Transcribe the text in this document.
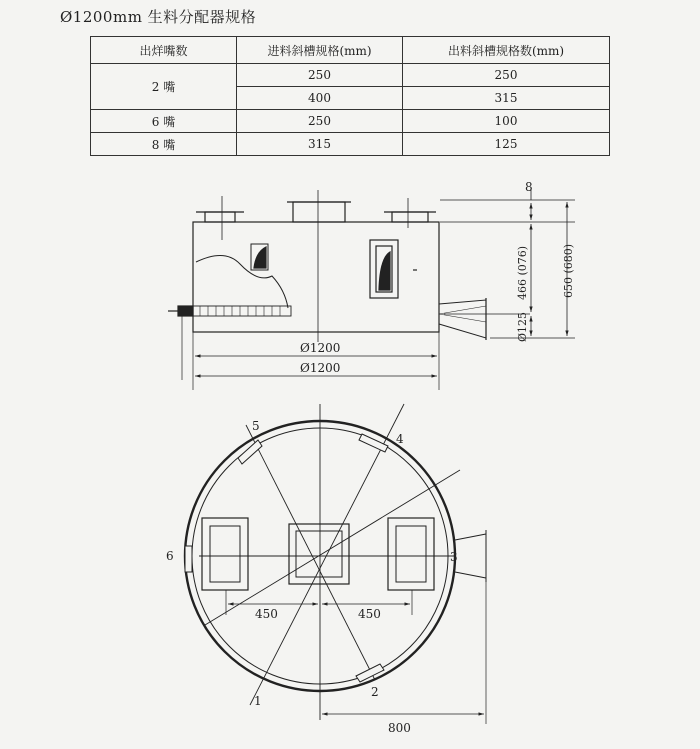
Ø1200mm 生料分配器规格
出烊嘴数	进料斜槽规格(mm)	出料斜槽规格数(mm)
2 嘴	250	250
	400	315
6 嘴	250	100
8 嘴	315	125
8
Ø1200
Ø1200
466 (076)	650 (680)
Ø125
1
2
3
4
5
6
450	450
800
